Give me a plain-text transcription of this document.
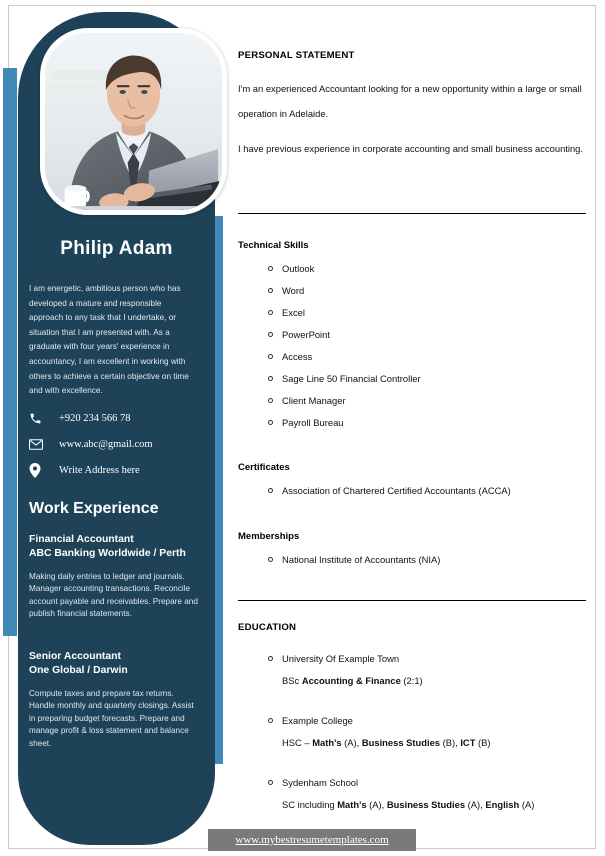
Philip Adam
I am energetic, ambitious person who has developed a mature and responsible approach to any task that I undertake, or situation that I am presented with. As a graduate with four years' experience in accountancy, I am excellent in working with others to achieve a certain objective on time and with excellence.
+920 234 566 78
www.abc@gmail.com
Write Address here
Work Experience
Financial Accountant
ABC Banking Worldwide / Perth
Making daily entries to ledger and journals. Manager accounting transactions. Reconcile account payable and receivables. Prepare and publish financial statements.
Senior Accountant
One Global / Darwin
Compute taxes and prepare tax returns. Handle monthly and quarterly closings. Assist in preparing budget forecasts. Prepare and manage profit & loss statement and balance sheet.
PERSONAL STATEMENT
I'm an experienced Accountant looking for a new opportunity within a large or small operation in Adelaide.
I have previous experience in corporate accounting and small business accounting.
Technical Skills
Outlook
Word
Excel
PowerPoint
Access
Sage Line 50 Financial Controller
Client Manager
Payroll Bureau
Certificates
Association of Chartered Certified Accountants (ACCA)
Memberships
National Institute of Accountants (NIA)
EDUCATION
University Of Example Town
BSc Accounting & Finance (2:1)
Example College
HSC – Math's (A), Business Studies (B), ICT (B)
Sydenham School
SC including Math's (A), Business Studies (A), English (A)
www.mybestresumetemplates.com
